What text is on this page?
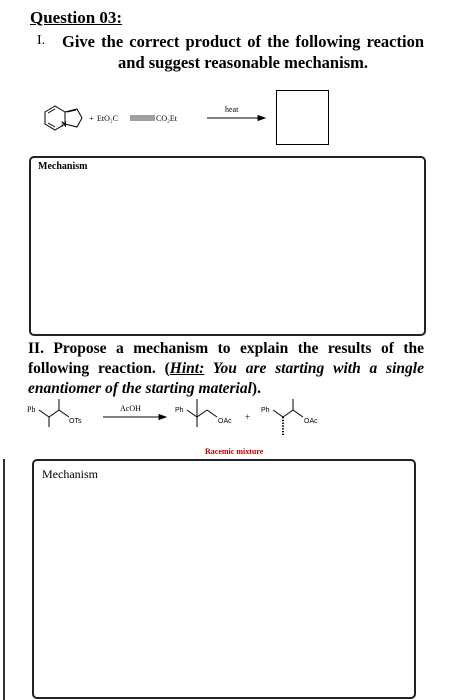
Question 03:
I. Give the correct product of the following reaction and suggest reasonable mechanism.
N
+ EtO₂C	CO₂Et
heat
Mechanism
II. Propose a mechanism to explain the results of the following reaction. (Hint: You are starting with a single enantiomer of the starting material).
Ph
OTs
AcOH	Ph
OAc +
Ph
OAc
Racemic mixture
Mechanism
